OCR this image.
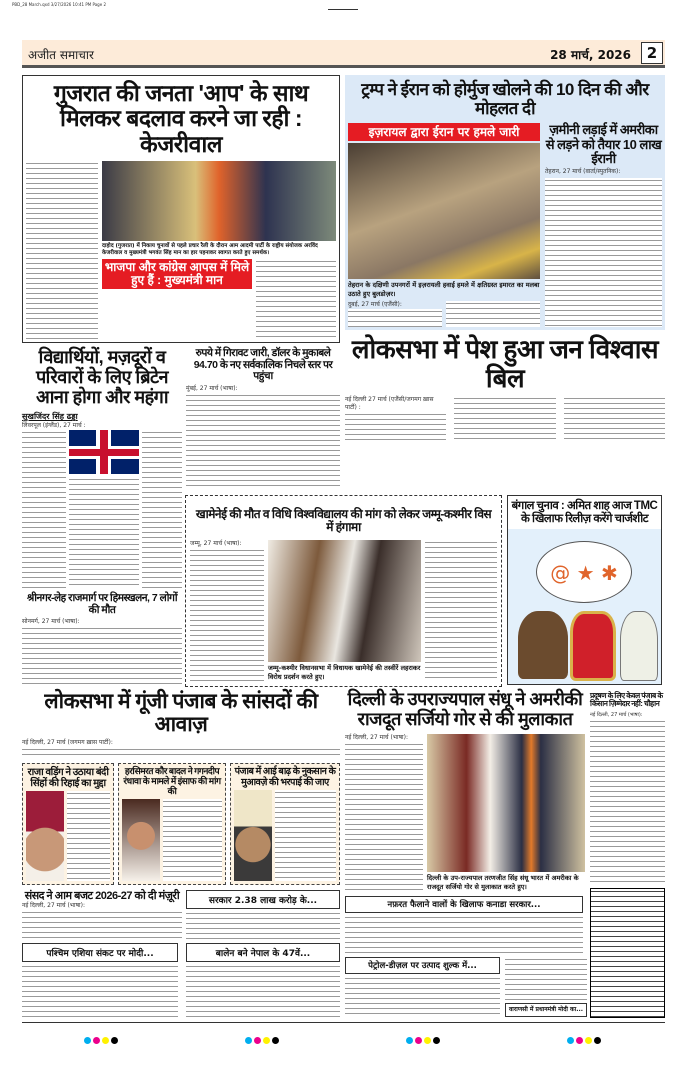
PBD_28 March.qxd 3/27/2026 10:41 PM Page 2
अजीत समाचार	28 मार्च, 2026	2
गुजरात की जनता 'आप' के साथ मिलकर बदलाव करने जा रही : केजरीवाल
दाहोद (गुजरात) में निकाय चुनावों से पहले प्रचार रैली के दौरान आम आदमी पार्टी के राष्ट्रीय संयोजक अरविंद केजरीवाल व मुख्यमंत्री भगवंत सिंह मान का हार पहनाकर स्वागत करते हुए समर्थक।
भाजपा और कांग्रेस आपस में मिले हुए हैं : मुख्यमंत्री मान
ट्रम्प ने ईरान को होर्मुज खोलने की 10 दिन की और मोहलत दी
इज़रायल द्वारा ईरान पर हमले जारी
तेहरान के दक्षिणी उपनगरों में इज़रायली हवाई हमले में क्षतिग्रस्त इमारत का मलबा उठाते हुए बुलडोज़र।
दुबई, 27 मार्च (एजैंसी):
ज़मीनी लड़ाई में अमरीका से लड़ने को तैयार 10 लाख ईरानी
तेहरान, 27 मार्च (वार्ता/स्पुतनिक):
लोकसभा में पेश हुआ जन विश्वास बिल
नई दिल्ली 27 मार्च (एजैंसी/जगमग ख़ास पार्टी) :
विद्यार्थियों, मज़दूरों व परिवारों के लिए ब्रिटेन आना होगा और महंगा
सुखजिंदर सिंह ढड्डा
लिवरपूल (इंग्लैंड), 27 मार्च :
रुपये में गिरावट जारी, डॉलर के मुकाबले 94.70 के नए सर्वकालिक निचले स्तर पर पहुंचा
मुंबई, 27 मार्च (भाषा):
श्रीनगर-लेह राजमार्ग पर हिमस्खलन, 7 लोगों की मौत
सोनमर्ग, 27 मार्च (भाषा):
खामेनेई की मौत व विधि विश्वविद्यालय की मांग को लेकर जम्मू-कश्मीर विस में हंगामा
जम्मू, 27 मार्च (भाषा):
जम्मू-कश्मीर विधानसभा में विधायक खामेनेई की तस्वीरें लहराकर विरोध प्रदर्शन करते हुए।
बंगाल चुनाव : अमित शाह आज TMC के खिलाफ रिलीज़ करेंगे चार्जशीट
@ ★ ✱
लोकसभा में गूंजी पंजाब के सांसदों की आवाज़
नई दिल्ली, 27 मार्च (जगमग ख़ास पार्टी):
राजा वड़िंग ने उठाया बंदी सिंहों की रिहाई का मुद्दा
हरसिमरत कौर बादल ने गगनदीप रंधावा के मामले में इंसाफ की मांग की
पंजाब में आई बाढ़ के नुकसान के मुआवज़े की भरपाई की जाए
दिल्ली के उपराज्यपाल संधू ने अमरीकी राजदूत सर्जियो गोर से की मुलाकात
नई दिल्ली, 27 मार्च (भाषा):
दिल्ली के उप-राज्यपाल तरणजीत सिंह संधू भारत में अमरीका के राजदूत सर्जियो गोर से मुलाकात करते हुए।
प्रदूषण के लिए केवल पंजाब के किसान ज़िम्मेदार नहीं: चौहान
नई दिल्ली, 27 मार्च (भाषा):
संसद ने आम बजट 2026-27 को दी मंज़ूरी
नई दिल्ली, 27 मार्च (भाषा):	सरकार 2.38 लाख करोड़ के...
पश्चिम एशिया संकट पर मोदी...	बालेन बने नेपाल के 47वें...
नफ़रत फैलाने वालों के खिलाफ कनाडा सरकार...
पेट्रोल-डीज़ल पर उत्पाद शुल्क में...
वाराणसी में प्रधानमंत्री मोदी का...
